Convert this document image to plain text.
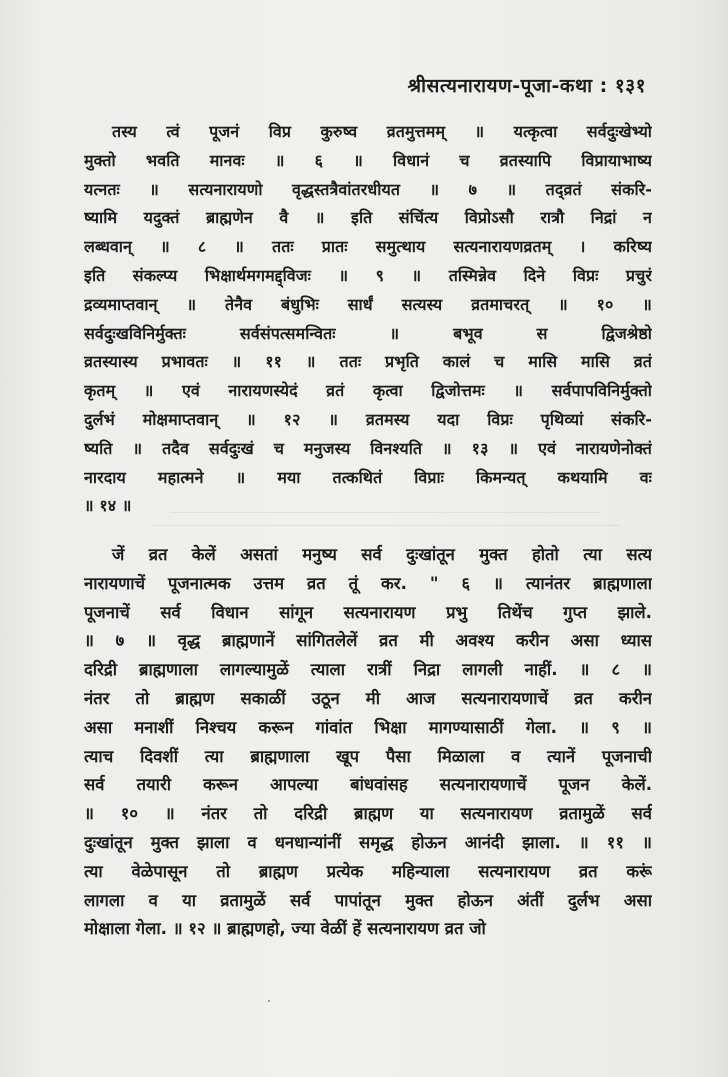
श्रीसत्यनारायण-पूजा-कथा : १३१
तस्य त्वं पूजनं विप्र कुरुष्व व्रतमुत्तमम् ॥ यत्कृत्वा सर्वदुःखेभ्यो
मुक्तो भवति मानवः ॥ ६ ॥ विधानं च व्रतस्यापि विप्रायाभाष्य
यत्नतः ॥ सत्यनारायणो वृद्धस्तत्रैवांतरधीयत ॥ ७ ॥ तद्व्रतं संकरि-
ष्यामि यदुक्तं ब्राह्मणेन वै ॥ इति संचिंत्य विप्रोऽसौ रात्रौ निद्रां न
लब्धवान् ॥ ८ ॥ ततः प्रातः समुत्थाय सत्यनारायणव्रतम् । करिष्य
इति संकल्प्य भिक्षार्थमगमद्द्विजः ॥ ९ ॥ तस्मिन्नेव दिने विप्रः प्रचुरं
द्रव्यमाप्तवान् ॥ तेनैव बंधुभिः सार्धं सत्यस्य व्रतमाचरत् ॥ १० ॥
सर्वदुःखविनिर्मुक्तः सर्वसंपत्समन्वितः ॥ बभूव स द्विजश्रेष्ठो
व्रतस्यास्य प्रभावतः ॥ ११ ॥ ततः प्रभृति कालं च मासि मासि व्रतं
कृतम् ॥ एवं नारायणस्येदं व्रतं कृत्वा द्विजोत्तमः ॥ सर्वपापविनिर्मुक्तो
दुर्लभं मोक्षमाप्तवान् ॥ १२ ॥ व्रतमस्य यदा विप्रः पृथिव्यां संकरि-
ष्यति ॥ तदैव सर्वदुःखं च मनुजस्य विनश्यति ॥ १३ ॥ एवं नारायणेनोक्तं
नारदाय महात्मने ॥ मया तत्कथितं विप्राः किमन्यत् कथयामि वः
॥ १४ ॥
जें व्रत केलें असतां मनुष्य सर्व दुःखांतून मुक्त होतो त्या सत्य
नारायणाचें पूजनात्मक उत्तम व्रत तूं कर. " ६ ॥ त्यानंतर ब्राह्मणाला
पूजनाचें सर्व विधान सांगून सत्यनारायण प्रभु तिथेंच गुप्त झाले.
॥ ७ ॥ वृद्ध ब्राह्मणानें सांगितलेलें व्रत मी अवश्य करीन असा ध्यास
दरिद्री ब्राह्मणाला लागल्यामुळें त्याला रात्रीं निद्रा लागली नाहीं. ॥ ८ ॥
नंतर तो ब्राह्मण सकाळीं उठून मी आज सत्यनारायणाचें व्रत करीन
असा मनाशीं निश्चय करून गांवांत भिक्षा मागण्यासाठीं गेला. ॥ ९ ॥
त्याच दिवशीं त्या ब्राह्मणाला खूप पैसा मिळाला व त्यानें पूजनाची
सर्व तयारी करून आपल्या बांधवांसह सत्यनारायणाचें पूजन केलें.
॥ १० ॥ नंतर तो दरिद्री ब्राह्मण या सत्यनारायण व्रतामुळें सर्व
दुःखांतून मुक्त झाला व धनधान्यांनीं समृद्ध होऊन आनंदी झाला. ॥ ११ ॥
त्या वेळेपासून तो ब्राह्मण प्रत्येक महिन्याला सत्यनारायण व्रत करूं
लागला व या व्रतामुळें सर्व पापांतून मुक्त होऊन अंतीं दुर्लभ असा
मोक्षाला गेला. ॥ १२ ॥ ब्राह्मणहो, ज्या वेळीं हें सत्यनारायण व्रत जो
